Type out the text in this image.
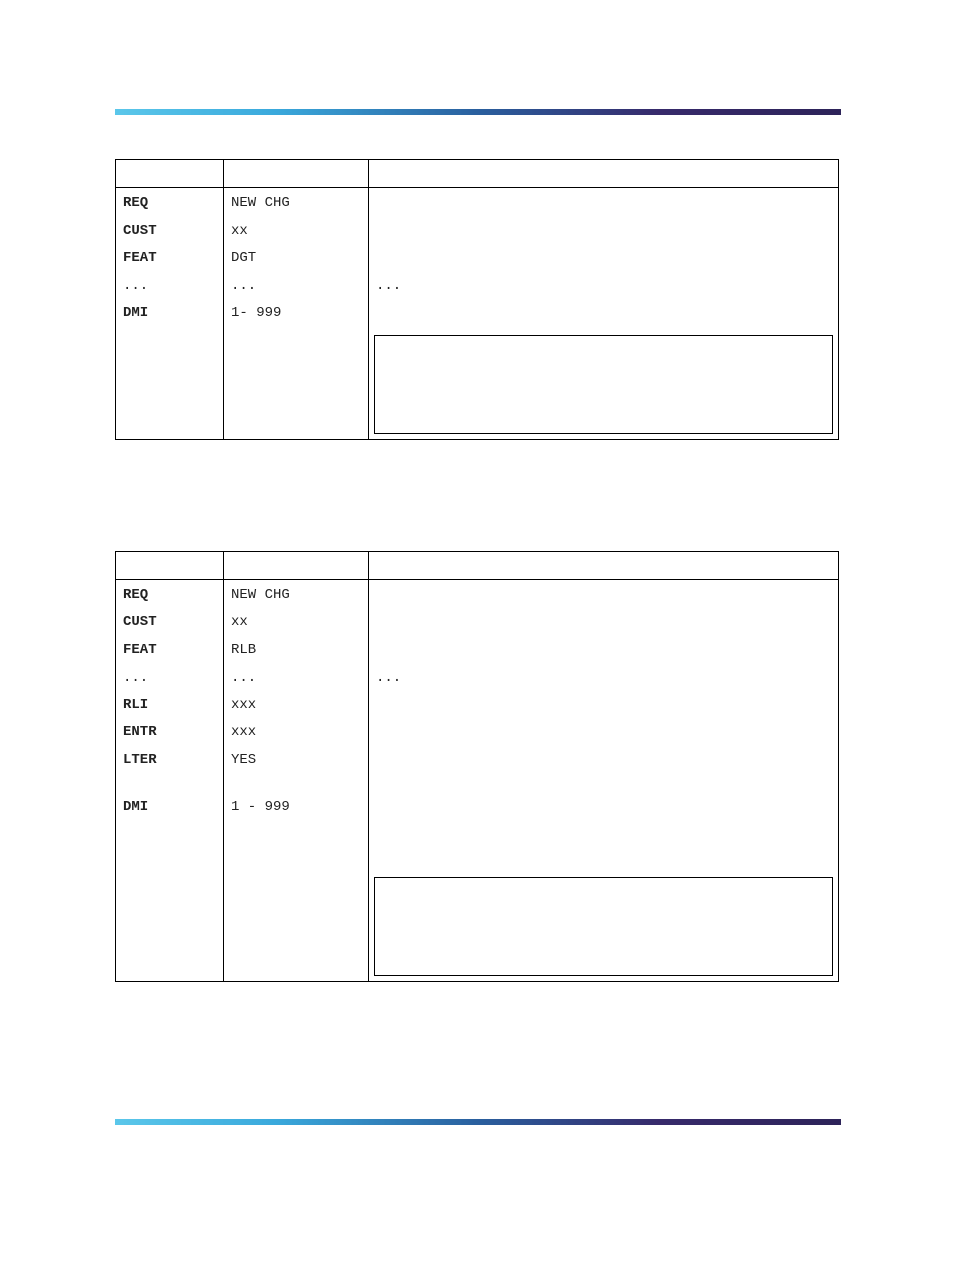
REQ	NEW CHG
CUST	xx
FEAT	DGT
...	...	...
DMI	1- 999
REQ	NEW CHG
CUST	xx
FEAT	RLB
...	...	...
RLI	xxx
ENTR	xxx
LTER	YES
DMI	1 - 999
